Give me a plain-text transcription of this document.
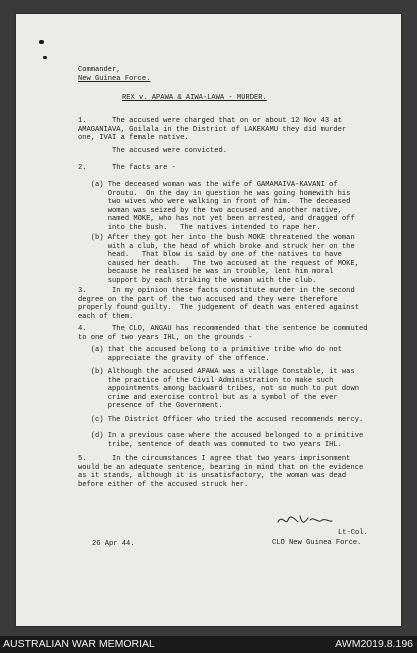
Commander,
New Guinea Force.
REX v. APAWA & AIWA-LAWA - MURDER.
1.      The accused were charged that on or about 12 Nov 43 at
AMAGANIAVA, Goilala in the District of LAKEKAMU they did murder
one, IVAI a female native.
The accused were convicted.
2.      The facts are -
(a) The deceased woman was the wife of GAMAMAIVA-KAVANI of
Oroutu.  On the day in question he was going homewith his
two wives who were walking in front of him.  The deceased
woman was seized by the two accused and another native,
named MOKE, who has not yet been arrested, and dragged off
into the bush.   The natives intended to rape her.
(b) After they got her into the bush MOKE threatened the woman
with a club, the head of which broke and struck her on the
head.   That blow is said by one of the natives to have
caused her death.   The two accused at the request of MOKE,
because he realised he was in trouble, lent him moral
support by each striking the woman with the club.
3.      In my opinion these facts constitute murder in the second
degree on the part of the two accused and they were therefore
properly found guilty.  The judgement of death was entered against
each of them.
4.      The CLO, ANGAU has recommended that the sentence be commuted
to one of two years IHL, on the grounds -
(a) that the accused belong to a primitive tribe who do not
appreciate the gravity of the offence.
(b) Although the accused APAWA was a village Constable, it was
the practice of the Civil Administration to make such
appointments among backward tribes, not so much to put down
crime and exercise control but as a symbol of the ever
presence of the Government.
(c) The District Officer who tried the accused recommends mercy.
(d) In a previous case where the accused belonged to a primitive
tribe, sentence of death was commuted to two years IHL.
5.      In the circumstances I agree that two years imprisonment
would be an adequate sentence, bearing in mind that on the evidence
as it stands, although it is unsatisfactory, the woman was dead
before either of the accused struck her.
Lt-Col.
CLO New Guinea Force.
26 Apr 44.
AUSTRALIAN WAR MEMORIAL	AWM2019.8.196
